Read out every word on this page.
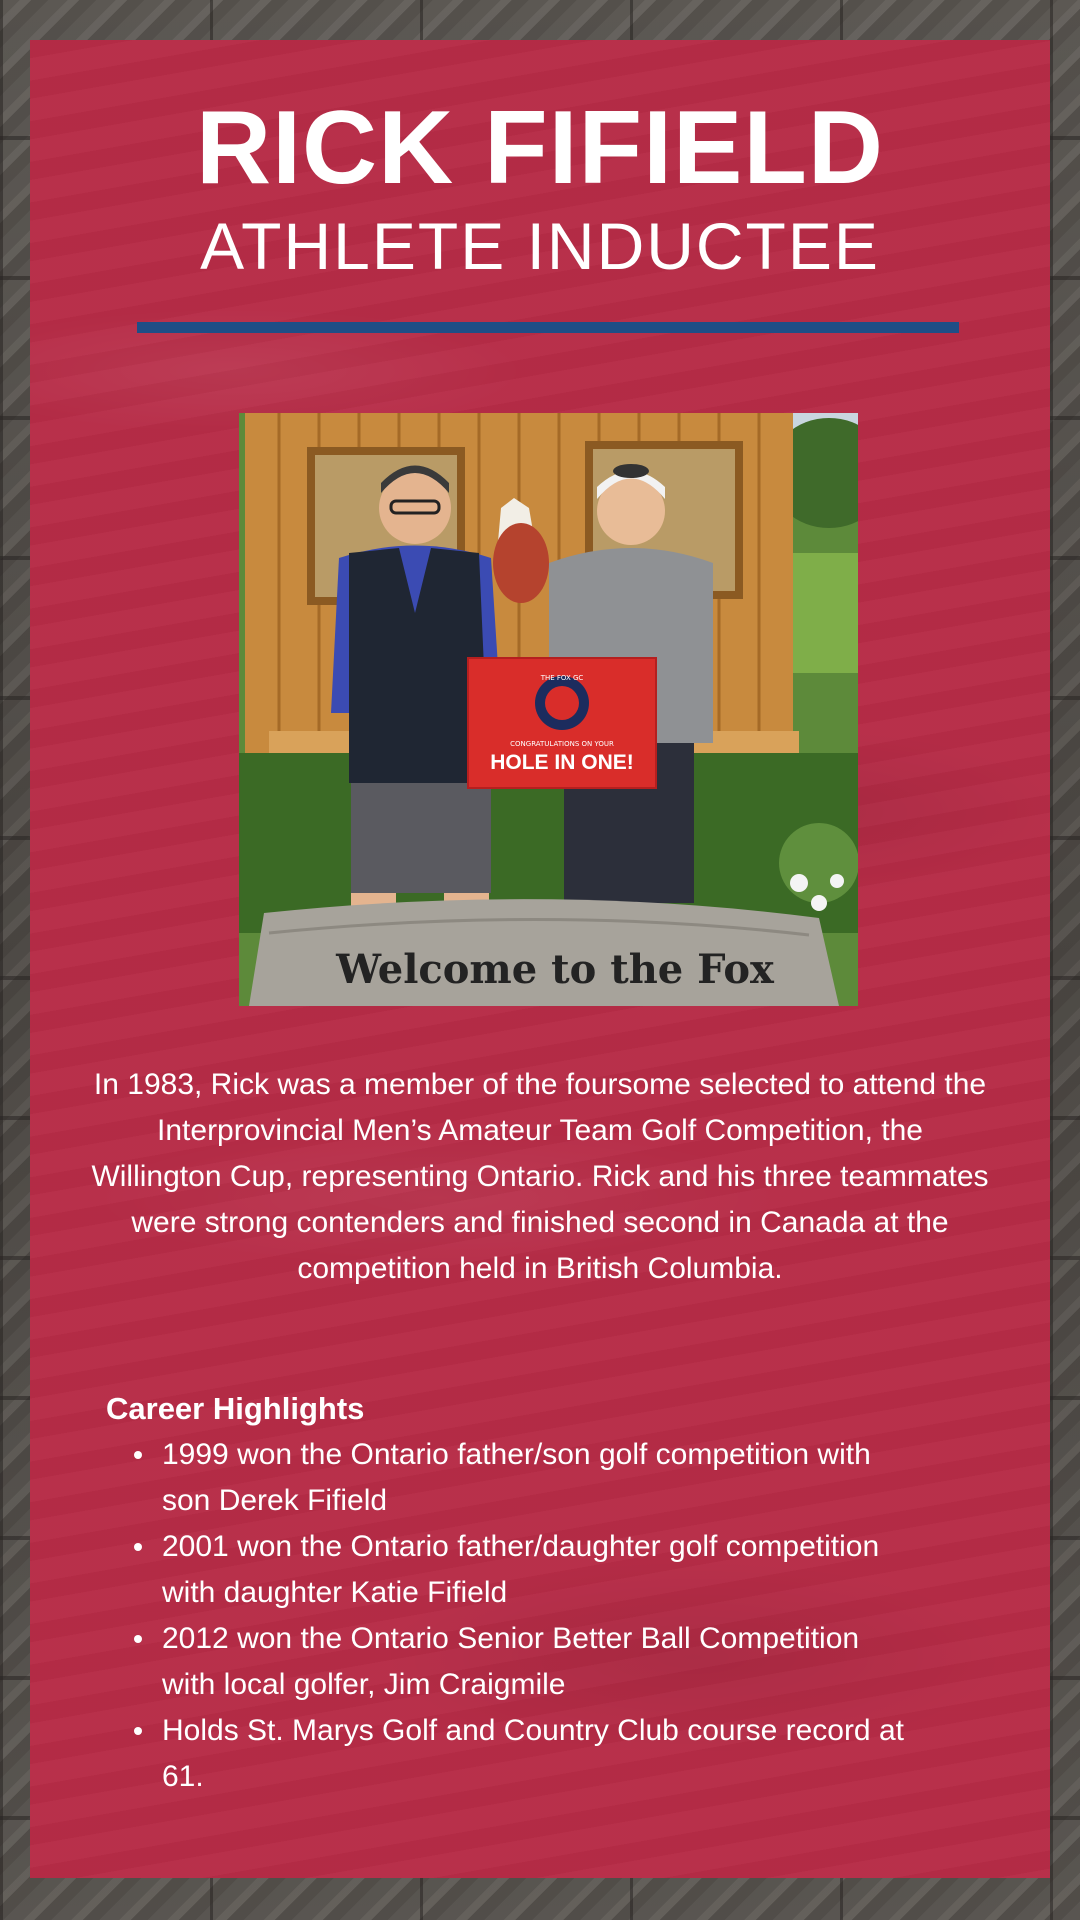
RICK FIFIELD
ATHLETE INDUCTEE
THE FOX GC
CONGRATULATIONS ON YOUR
HOLE IN ONE!
Welcome to the Fox

In 1983, Rick was a member of the foursome selected to attend the Interprovincial Men’s Amateur Team Golf Competition, the Willington Cup, representing Ontario. Rick and his three teammates were strong contenders and finished second in Canada at the competition held in British Columbia.

Career Highlights
1999 won the Ontario father/son golf competition with son Derek Fifield
2001 won the Ontario father/daughter golf competition with daughter Katie Fifield
2012 won the Ontario Senior Better Ball Competition with local golfer, Jim Craigmile
Holds St. Marys Golf and Country Club course record at 61.
